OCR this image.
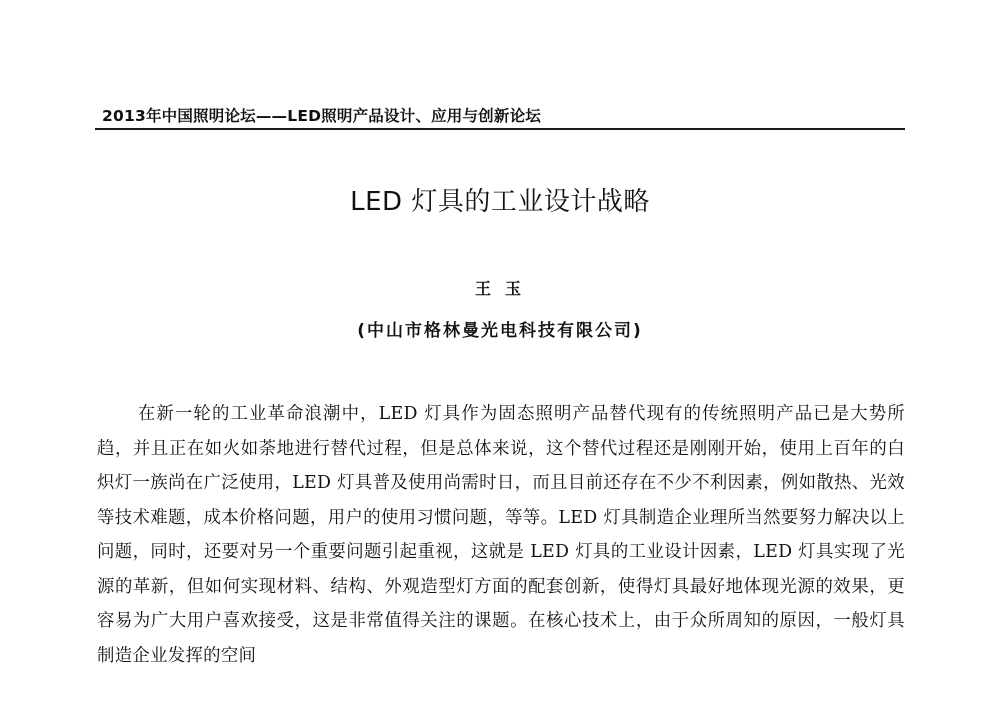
2013年中国照明论坛——LED照明产品设计、应用与创新论坛
LED 灯具的工业设计战略
王玉
(中山市格林曼光电科技有限公司)

在新一轮的工业革命浪潮中，LED 灯具作为固态照明产品替代现有的传统照明产品已是大势所趋，并且正在如火如荼地进行替代过程，但是总体来说，这个替代过程还是刚刚开始，使用上百年的白炽灯一族尚在广泛使用，LED 灯具普及使用尚需时日，而且目前还存在不少不利因素，例如散热、光效等技术难题，成本价格问题，用户的使用习惯问题，等等。LED 灯具制造企业理所当然要努力解决以上问题，同时，还要对另一个重要问题引起重视，这就是 LED 灯具的工业设计因素，LED 灯具实现了光源的革新，但如何实现材料、结构、外观造型灯方面的配套创新，使得灯具最好地体现光源的效果，更容易为广大用户喜欢接受，这是非常值得关注的课题。在核心技术上，由于众所周知的原因，一般灯具制造企业发挥的空间
